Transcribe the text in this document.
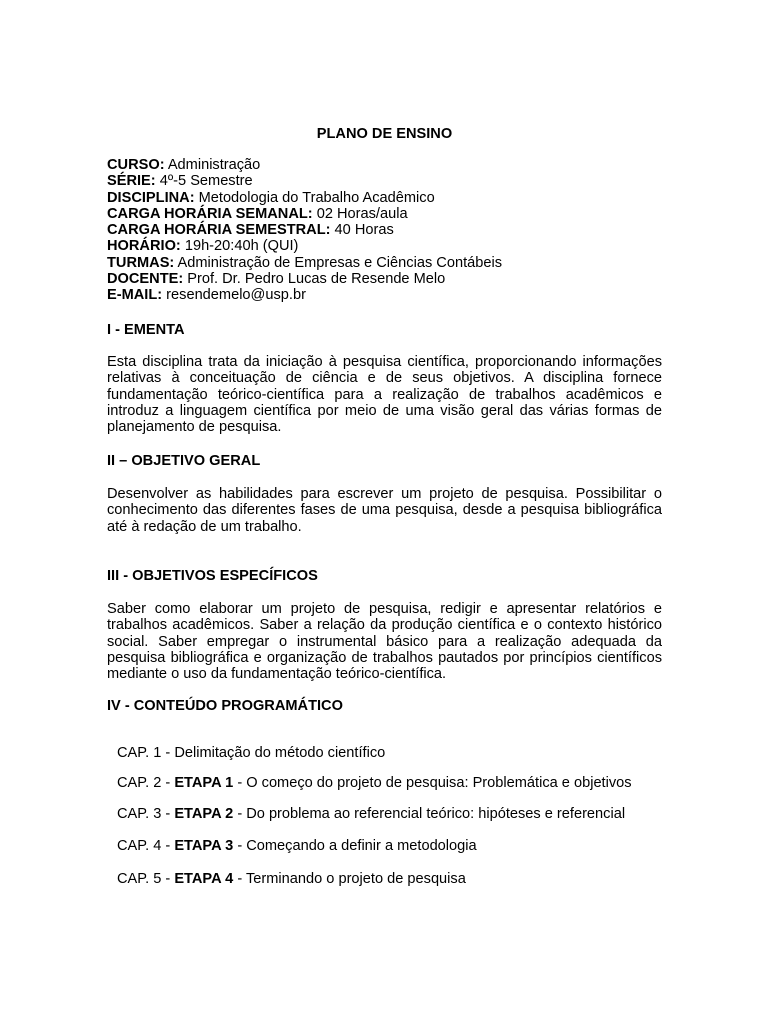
PLANO DE ENSINO
CURSO: Administração
SÉRIE: 4º-5 Semestre
DISCIPLINA: Metodologia do Trabalho Acadêmico
CARGA HORÁRIA SEMANAL: 02 Horas/aula
CARGA HORÁRIA SEMESTRAL: 40 Horas
HORÁRIO: 19h-20:40h (QUI)
TURMAS: Administração de Empresas e Ciências Contábeis
DOCENTE: Prof. Dr. Pedro Lucas de Resende Melo
E-MAIL: resendemelo@usp.br
I - EMENTA
Esta disciplina trata da iniciação à pesquisa científica, proporcionando informações relativas à conceituação de ciência e de seus objetivos. A disciplina fornece fundamentação teórico-científica para a realização de trabalhos acadêmicos e introduz a linguagem científica por meio de uma visão geral das várias formas de planejamento de pesquisa.
II – OBJETIVO GERAL
Desenvolver as habilidades para escrever um projeto de pesquisa. Possibilitar o conhecimento das diferentes fases de uma pesquisa, desde a pesquisa bibliográfica até à redação de um trabalho.
III - OBJETIVOS ESPECÍFICOS
Saber como elaborar um projeto de pesquisa, redigir e apresentar relatórios e trabalhos acadêmicos. Saber a relação da produção científica e o contexto histórico social. Saber empregar o instrumental básico para a realização adequada da pesquisa bibliográfica e organização de trabalhos pautados por princípios científicos mediante o uso da fundamentação teórico-científica.
IV - CONTEÚDO PROGRAMÁTICO
CAP. 1 - Delimitação do método científico
CAP. 2 - ETAPA 1 - O começo do projeto de pesquisa: Problemática e objetivos
CAP. 3 - ETAPA 2 - Do problema ao referencial teórico: hipóteses e referencial
CAP. 4 - ETAPA 3 - Começando a definir a metodologia
CAP. 5 - ETAPA 4 - Terminando o projeto de pesquisa
